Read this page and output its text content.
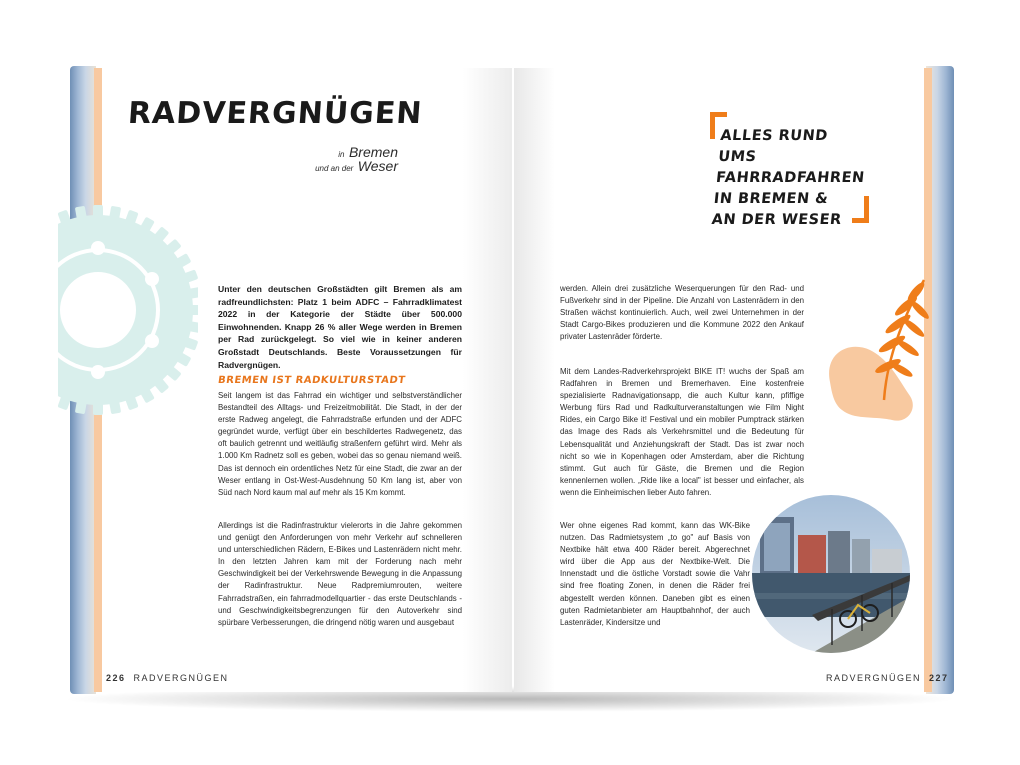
RADVERGNÜGEN
in Bremen
und an der Weser
Unter den deutschen Großstädten gilt Bremen als am radfreundlichsten: Platz 1 beim ADFC – Fahrradklimatest 2022 in der Kategorie der Städte über 500.000 Einwohnenden. Knapp 26 % aller Wege werden in Bremen per Rad zurückgelegt. So viel wie in keiner anderen Großstadt Deutschlands. Beste Voraussetzungen für Radvergnügen.
BREMEN IST RADKULTURSTADT
Seit langem ist das Fahrrad ein wichtiger und selbstverständlicher Bestandteil des Alltags- und Freizeitmobilität. Die Stadt, in der der erste Radweg angelegt, die Fahrradstraße erfunden und der ADFC gegründet wurde, verfügt über ein beschildertes Radwegenetz, das oft baulich getrennt und weitläufig straßenfern geführt wird. Mehr als 1.000 Km Radnetz soll es geben, wobei das so genau niemand weiß. Das ist dennoch ein ordentliches Netz für eine Stadt, die zwar an der Weser entlang in Ost-West-Ausdehnung 50 Km lang ist, aber von Süd nach Nord kaum mal auf mehr als 15 Km kommt.
Allerdings ist die Radinfrastruktur vielerorts in die Jahre gekommen und genügt den Anforderungen von mehr Verkehr auf schnelleren und unterschiedlichen Rädern, E-Bikes und Lastenrädern nicht mehr. In den letzten Jahren kam mit der Forderung nach mehr Geschwindigkeit bei der Verkehrswende Bewegung in die Anpassung der Radinfrastruktur. Neue Radpremiumrouten, weitere Fahrradstraßen, ein fahrradmodellquartier - das erste Deutschlands - und Geschwindigkeitsbegrenzungen für den Autoverkehr sind spürbare Verbesserungen, die dringend nötig waren und ausgebaut
226 RADVERGNÜGEN
ALLES RUND UMS FAHRRADFAHREN IN BREMEN & AN DER WESER
werden. Allein drei zusätzliche Weserquerungen für den Rad- und Fußverkehr sind in der Pipeline. Die Anzahl von Lastenrädern in den Straßen wächst kontinuierlich. Auch, weil zwei Unternehmen in der Stadt Cargo-Bikes produzieren und die Kommune 2022 den Ankauf privater Lastenräder förderte.
Mit dem Landes-Radverkehrsprojekt BIKE IT! wuchs der Spaß am Radfahren in Bremen und Bremerhaven. Eine kostenfreie spezialisierte Radnavigationsapp, die auch Kultur kann, pfiffige Werbung fürs Rad und Radkulturveranstaltungen wie Film Night Rides, ein Cargo Bike it! Festival und ein mobiler Pumptrack stärken das Image des Rads als Verkehrsmittel und die Bedeutung für Lebensqualität und Anziehungskraft der Stadt. Das ist zwar noch nicht so wie in Kopenhagen oder Amsterdam, aber die Richtung stimmt. Gut auch für Gäste, die Bremen und die Region kennenlernen wollen. „Ride like a local" ist besser und einfacher, als wenn die Einheimischen lieber Auto fahren.
Wer ohne eigenes Rad kommt, kann das WK-Bike nutzen. Das Radmietsystem „to go" auf Basis von Nextbike hält etwa 400 Räder bereit. Abgerechnet wird über die App aus der Nextbike-Welt. Die Innenstadt und die östliche Vorstadt sowie die Vahr sind free floating Zonen, in denen die Räder frei abgestellt werden können. Daneben gibt es einen guten Radmietanbieter am Hauptbahnhof, der auch Lastenräder, Kindersitze und
RADVERGNÜGEN 227
